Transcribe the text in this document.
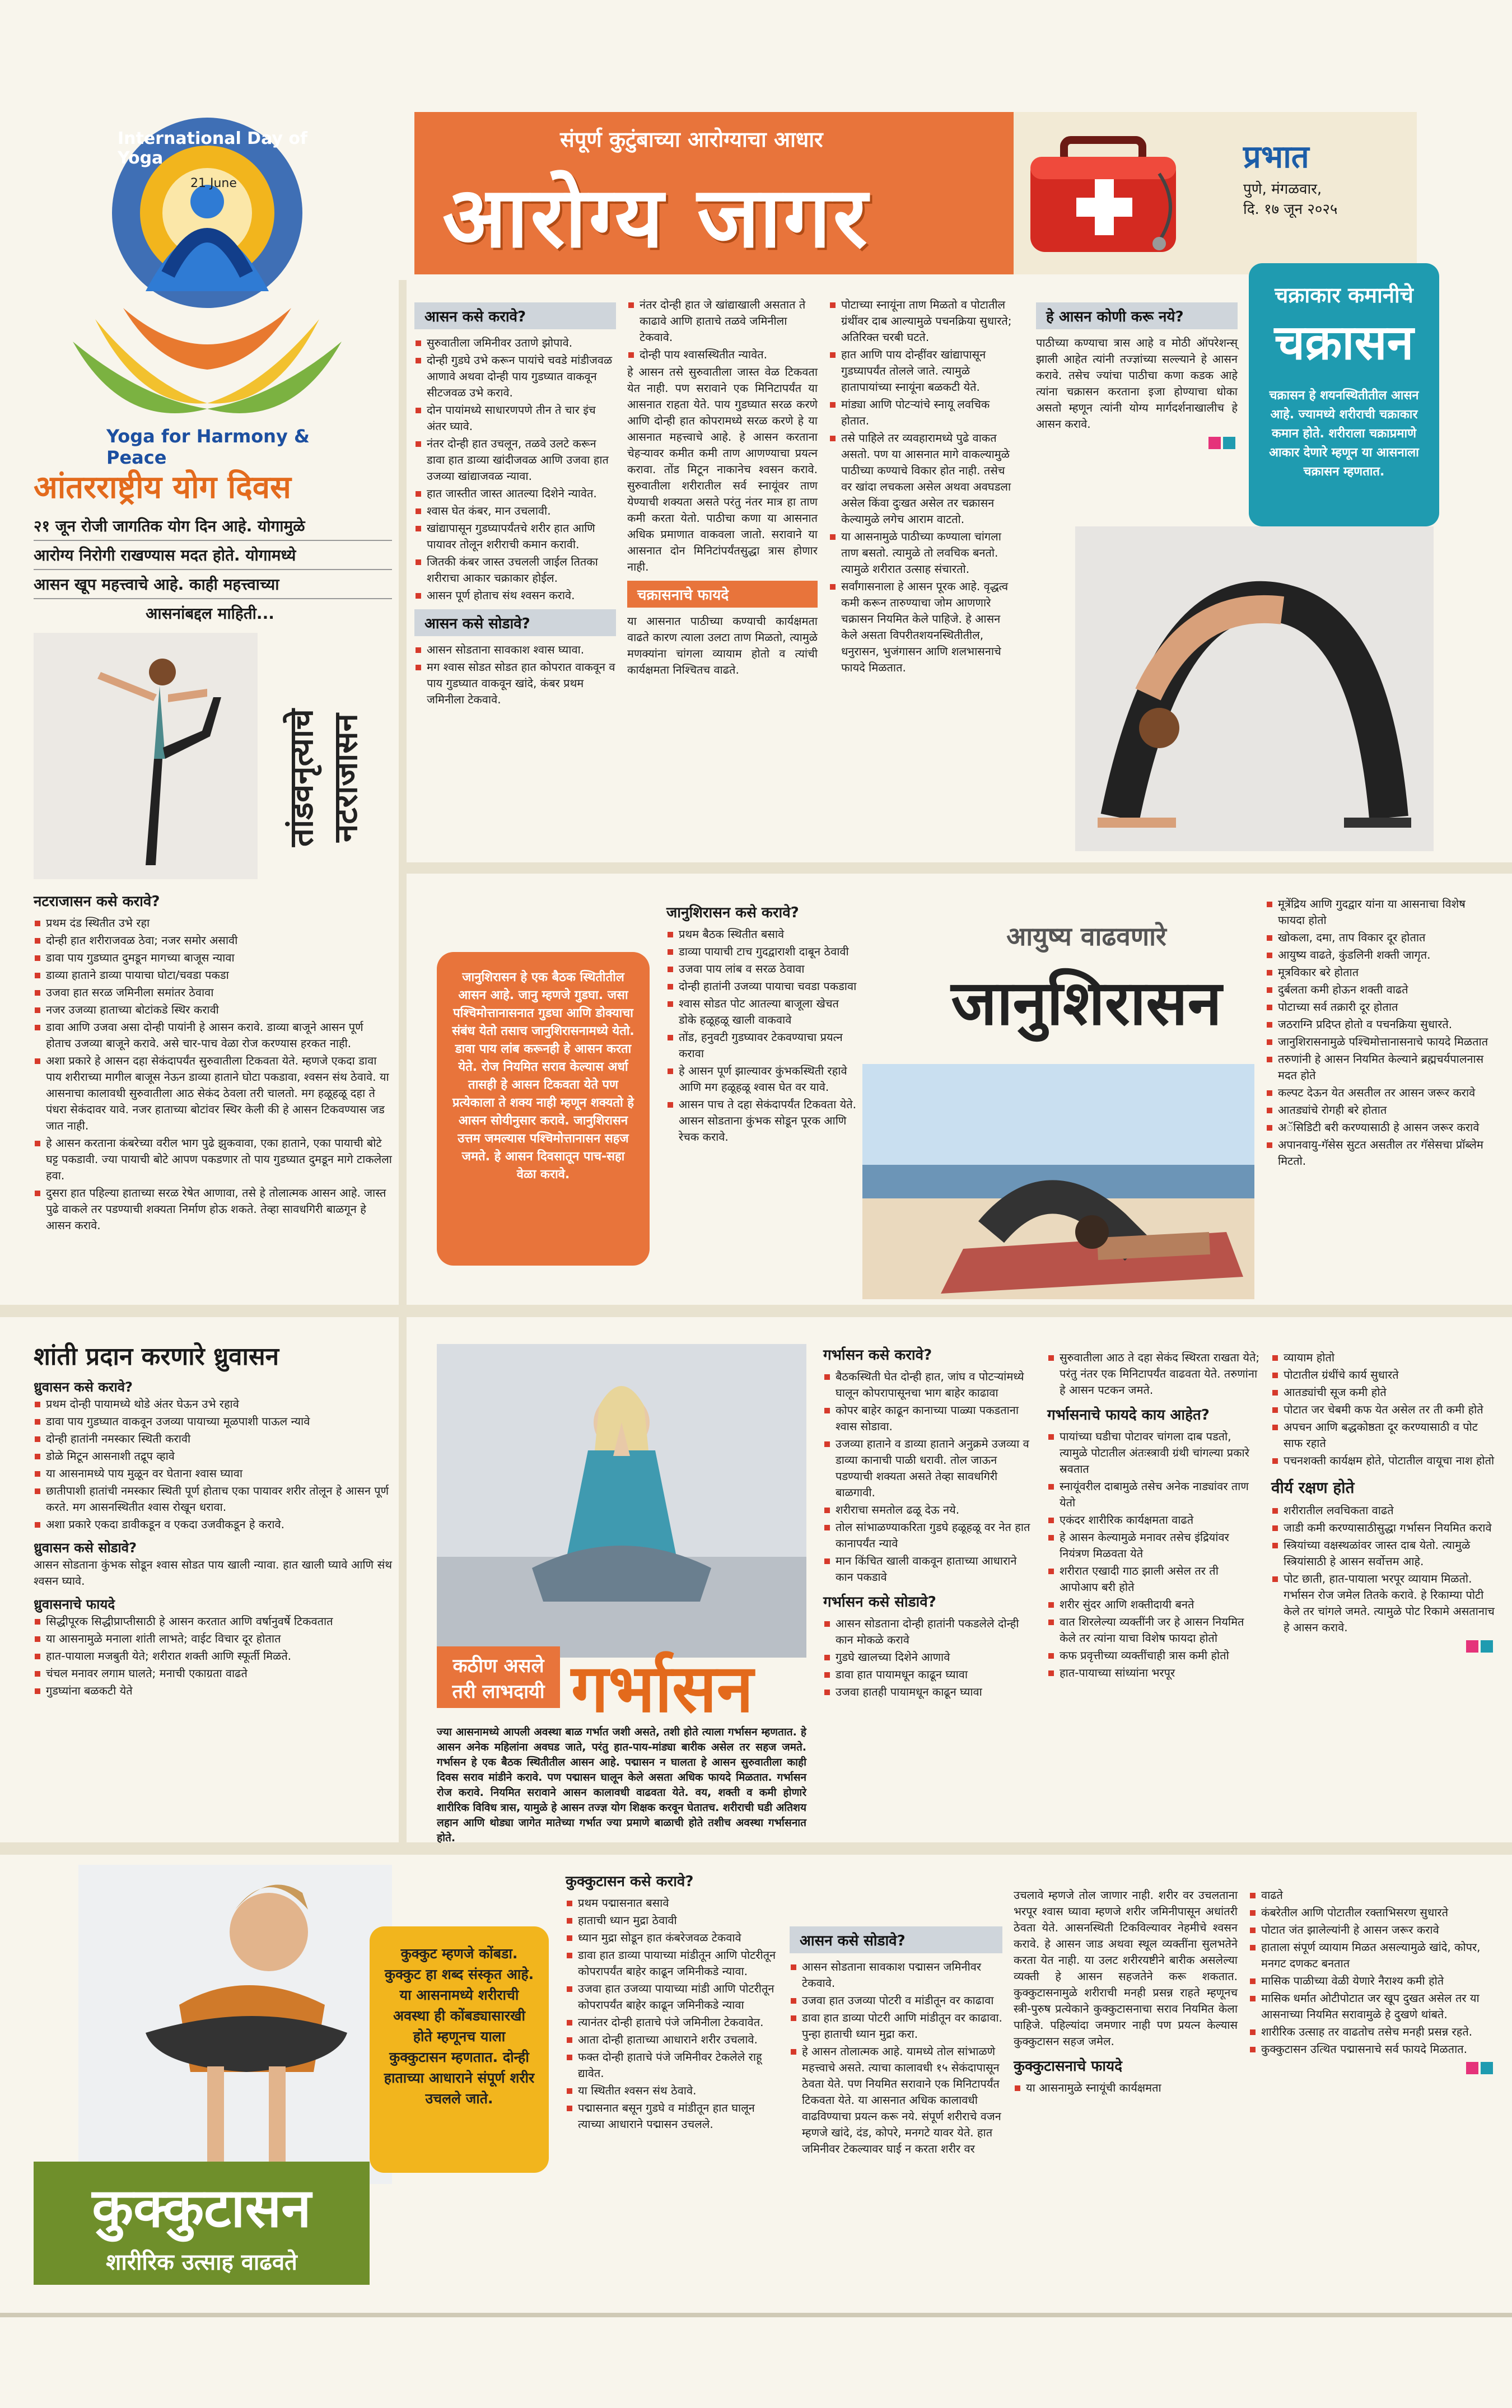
संपूर्ण कुटुंबाच्या आरोग्याचा आधार
आरोग्य जागर
प्रभात
पुणे, मंगळवार,
दि. १७ जून २०२५
International Day of Yoga
21 June
Yoga for Harmony & Peace
आंतरराष्ट्रीय योग दिवस
२१ जून रोजी जागतिक योग दिन आहे. योगामुळे
आरोग्य निरोगी राखण्यास मदत होते. योगामध्ये
आसन खूप महत्त्वाचे आहे. काही महत्त्वाच्या
आसनांबद्दल माहिती...
तांडवनृत्याचे नटराजासन
नटराजासन कसे करावे?
प्रथम दंड स्थितीत उभे रहा
दोन्ही हात शरीराजवळ ठेवा; नजर समोर असावी
डावा पाय गुडघ्यात दुमडून मागच्या बाजूस न्यावा
डाव्या हाताने डाव्या पायाचा घोटा/चवडा पकडा
उजवा हात सरळ जमिनीला समांतर ठेवावा
नजर उजव्या हाताच्या बोटांकडे स्थिर करावी
डावा आणि उजवा असा दोन्ही पायांनी हे आसन करावे. डाव्या बाजूने आसन पूर्ण होताच उजव्या बाजूने करावे. असे चार-पाच वेळा रोज करण्यास हरकत नाही.
अशा प्रकारे हे आसन दहा सेकंदापर्यंत सुरुवातीला टिकवता येते. म्हणजे एकदा डावा पाय शरीराच्या मागील बाजूस नेऊन डाव्या हाताने घोटा पकडावा, श्वसन संथ ठेवावे. या आसनाचा कालावधी सुरुवातीला आठ सेकंद ठेवला तरी चालतो. मग हळूहळू दहा ते पंधरा सेकंदावर यावे. नजर हाताच्या बोटांवर स्थिर केली की हे आसन टिकवण्यास जड जात नाही.
हे आसन करताना कंबरेच्या वरील भाग पुढे झुकवावा, एका हाताने, एका पायाची बोटे घट्ट पकडावी. ज्या पायाची बोटे आपण पकडणार तो पाय गुडघ्यात दुमडून मागे टाकलेला हवा.
दुसरा हात पहिल्या हाताच्या सरळ रेषेत आणावा, तसे हे तोलात्मक आसन आहे. जास्त पुढे वाकले तर पडण्याची शक्यता निर्माण होऊ शकते. तेव्हा सावधगिरी बाळगून हे आसन करावे.
आसन कसे करावे?
सुरुवातीला जमिनीवर उताणे झोपावे.
दोन्ही गुडघे उभे करून पायांचे चवडे मांडीजवळ आणावे अथवा दोन्ही पाय गुडघ्यात वाकवून सीटजवळ उभे करावे.
दोन पायांमध्ये साधारणपणे तीन ते चार इंच अंतर घ्यावे.
नंतर दोन्ही हात उचलून, तळवे उलटे करून डावा हात डाव्या खांदीजवळ आणि उजवा हात उजव्या खांद्याजवळ न्यावा.
हात जास्तीत जास्त आतल्या दिशेने न्यावेत.
श्वास घेत कंबर, मान उचलावी.
खांद्यापासून गुडघ्यापर्यंतचे शरीर हात आणि पायावर तोलून शरीराची कमान करावी.
जितकी कंबर जास्त उचलली जाईल तितका शरीराचा आकार चक्राकार होईल.
आसन पूर्ण होताच संथ श्वसन करावे.
आसन कसे सोडावे?
आसन सोडताना सावकाश श्वास घ्यावा.
मग श्वास सोडत सोडत हात कोपरात वाकवून व पाय गुडघ्यात वाकवून खांदे, कंबर प्रथम जमिनीला टेकवावे.
नंतर दोन्ही हात जे खांद्याखाली असतात ते काढावे आणि हाताचे तळवे जमिनीला टेकवावे.
दोन्ही पाय श्वासस्थितीत न्यावेत.
हे आसन तसे सुरुवातीला जास्त वेळ टिकवता येत नाही. पण सरावाने एक मिनिटापर्यंत या आसनात राहता येते. पाय गुडघ्यात सरळ करणे आणि दोन्ही हात कोपरामध्ये सरळ करणे हे या आसनात महत्त्वाचे आहे. हे आसन करताना चेहऱ्यावर कमीत कमी ताण आणण्याचा प्रयत्न करावा. तोंड मिटून नाकानेच श्वसन करावे. सुरुवातीला शरीरातील सर्व स्नायूंवर ताण येण्याची शक्यता असते परंतु नंतर मात्र हा ताण कमी करता येतो. पाठीचा कणा या आसनात अधिक प्रमाणात वाकवला जातो. सरावाने या आसनात दोन मिनिटांपर्यंतसुद्धा त्रास होणार नाही.
चक्रासनाचे फायदे
या आसनात पाठीच्या कण्याची कार्यक्षमता वाढते कारण त्याला उलटा ताण मिळतो, त्यामुळे मणक्यांना चांगला व्यायाम होतो व त्यांची कार्यक्षमता निश्चितच वाढते.
पोटाच्या स्नायूंना ताण मिळतो व पोटातील ग्रंथींवर दाब आल्यामुळे पचनक्रिया सुधारते; अतिरिक्त चरबी घटते.
हात आणि पाय दोन्हींवर खांद्यापासून गुडघ्यापर्यंत तोलले जाते. त्यामुळे हातापायांच्या स्नायूंना बळकटी येते.
मांड्या आणि पोटऱ्यांचे स्नायू लवचिक होतात.
तसे पाहिले तर व्यवहारामध्ये पुढे वाकत असतो. पण या आसनात मागे वाकल्यामुळे पाठीच्या कण्याचे विकार होत नाही. तसेच वर खांदा लचकला असेल अथवा अवघडला असेल किंवा दुःखत असेल तर चक्रासन केल्यामुळे लगेच आराम वाटतो.
या आसनामुळे पाठीच्या कण्याला चांगला ताण बसतो. त्यामुळे तो लवचिक बनतो. त्यामुळे शरीरात उत्साह संचारतो.
सर्वांगासनाला हे आसन पूरक आहे. वृद्धत्व कमी करून तारुण्याचा जोम आणणारे चक्रासन नियमित केले पाहिजे. हे आसन केले असता विपरीतशयनस्थितीतील, धनुरासन, भुजंगासन आणि शलभासनाचे फायदे मिळतात.
हे आसन कोणी करू नये?
पाठीच्या कण्याचा त्रास आहे व मोठी ऑपरेशन्स् झाली आहेत त्यांनी तज्ज्ञांच्या सल्ल्याने हे आसन करावे. तसेच ज्यांचा पाठीचा कणा कडक आहे त्यांना चक्रासन करताना इजा होण्याचा धोका असतो म्हणून त्यांनी योग्य मार्गदर्शनाखालीच हे आसन करावे.
चक्राकार कमानीचे
चक्रासन
चक्रासन हे शयनस्थितीतील आसन आहे. ज्यामध्ये शरीराची चक्राकार कमान होते. शरीराला चक्राप्रमाणे आकार देणारे म्हणून या आसनाला चक्रासन म्हणतात.
जानुशिरासन हे एक बैठक स्थितीतील आसन आहे. जानु म्हणजे गुडघा. जसा पश्चिमोत्तानासनात गुडघा आणि डोक्याचा संबंध येतो तसाच जानुशिरासनामध्ये येतो. डावा पाय लांब करूनही हे आसन करता येते. रोज नियमित सराव केल्यास अर्धा तासही हे आसन टिकवता येते पण प्रत्येकाला ते शक्य नाही म्हणून शक्यतो हे आसन सोयीनुसार करावे. जानुशिरासन उत्तम जमल्यास पश्चिमोत्तानासन सहज जमते. हे आसन दिवसातून पाच-सहा वेळा करावे.
जानुशिरासन कसे करावे?
प्रथम बैठक स्थितीत बसावे
डाव्या पायाची टाच गुदद्वाराशी दाबून ठेवावी
उजवा पाय लांब व सरळ ठेवावा
दोन्ही हातांनी उजव्या पायाचा चवडा पकडावा
श्वास सोडत पोट आतल्या बाजूला खेचत डोके हळूहळू खाली वाकवावे
तोंड, हनुवटी गुडघ्यावर टेकवण्याचा प्रयत्न करावा
हे आसन पूर्ण झाल्यावर कुंभकस्थिती रहावे आणि मग हळूहळू श्वास घेत वर यावे.
आसन पाच ते दहा सेकंदापर्यंत टिकवता येते. आसन सोडताना कुंभक सोडून पूरक आणि रेचक करावे.
आयुष्य वाढवणारे
जानुशिरासन
मूत्रेंद्रिय आणि गुदद्वार यांना या आसनाचा विशेष फायदा होतो
खोकला, दमा, ताप विकार दूर होतात
आयुष्य वाढते, कुंडलिनी शक्ती जागृत.
मूत्रविकार बरे होतात
दुर्बलता कमी होऊन शक्ती वाढते
पोटाच्या सर्व तक्रारी दूर होतात
जठराग्नि प्रदिप्त होतो व पचनक्रिया सुधारते.
जानुशिरासनामुळे पश्चिमोत्तानासनाचे फायदे मिळतात
तरुणांनी हे आसन नियमित केल्याने ब्रह्मचर्यपालनास मदत होते
कल्पट देऊन येत असतील तर आसन जरूर करावे
आतड्यांचे रोगही बरे होतात
अॅसिडिटी बरी करण्यासाठी हे आसन जरूर करावे
अपानवायु-गॅसेस सुटत असतील तर गॅसेसचा प्रॉब्लेम मिटतो.
शांती प्रदान करणारे ध्रुवासन
ध्रुवासन कसे करावे?
प्रथम दोन्ही पायामध्ये थोडे अंतर घेऊन उभे रहावे
डावा पाय गुडघ्यात वाकवून उजव्या पायाच्या मूळपाशी पाऊल न्यावे
दोन्ही हातांनी नमस्कार स्थिती करावी
डोळे मिटून आसनाशी तद्रूप व्हावे
या आसनामध्ये पाय मुळून वर घेताना श्वास घ्यावा
छातीपाशी हातांची नमस्कार स्थिती पूर्ण होताच एका पायावर शरीर तोलून हे आसन पूर्ण करते. मग आसनस्थितीत श्वास रोखून धरावा.
अशा प्रकारे एकदा डावीकडून व एकदा उजवीकडून हे करावे.
ध्रुवासन कसे सोडावे?
आसन सोडताना कुंभक सोडून श्वास सोडत पाय खाली न्यावा. हात खाली घ्यावे आणि संथ श्वसन घ्यावे.
ध्रुवासनाचे फायदे
सिद्धीपूरक सिद्धीप्राप्तीसाठी हे आसन करतात आणि वर्षानुवर्षे टिकवतात
या आसनामुळे मनाला शांती लाभते; वाईट विचार दूर होतात
हात-पायाला मजबुती येते; शरीरात शक्ती आणि स्फूर्ती मिळते.
चंचल मनावर लगाम घालते; मनाची एकाग्रता वाढते
गुडघ्यांना बळकटी येते
कठीण असले
तरी लाभदायी गर्भासन
ज्या आसनामध्ये आपली अवस्था बाळ गर्भात जशी असते, तशी होते त्याला गर्भासन म्हणतात. हे आसन अनेक महिलांना अवघड जाते, परंतु हात-पाय-मांड्या बारीक असेल तर सहज जमते. गर्भासन हे एक बैठक स्थितीतील आसन आहे. पद्मासन न घालता हे आसन सुरुवातीला काही दिवस सराव मांडीने करावे. पण पद्मासन घालून केले असता अधिक फायदे मिळतात. गर्भासन रोज करावे. नियमित सरावाने आसन कालावधी वाढवता येते. वय, शक्ती व कमी होणारे शारीरिक विविध त्रास, यामुळे हे आसन तज्ज्ञ योग शिक्षक करवून घेतातच. शरीराची घडी अतिशय लहान आणि थोड्या जागेत मातेच्या गर्भात ज्या प्रमाणे बाळाची होते तशीच अवस्था गर्भासनात होते.
गर्भासन कसे करावे?
बैठकस्थिती घेत दोन्ही हात, जांघ व पोटऱ्यांमध्ये घालून कोपरापासूनचा भाग बाहेर काढावा
कोपर बाहेर काढून कानाच्या पाळ्या पकडताना श्वास सोडावा.
उजव्या हाताने व डाव्या हाताने अनुक्रमे उजव्या व डाव्या कानाची पाळी धरावी. तोल जाऊन पडण्याची शक्यता असते तेव्हा सावधगिरी बाळगावी.
शरीराचा समतोल ढळू देऊ नये.
तोल सांभाळण्याकरिता गुडघे हळूहळू वर नेत हात कानापर्यंत न्यावे
मान किंचित खाली वाकवून हाताच्या आधाराने कान पकडावे
गर्भासन कसे सोडावे?
आसन सोडताना दोन्ही हातांनी पकडलेले दोन्ही कान मोकळे करावे
गुडघे खालच्या दिशेने आणावे
डावा हात पायामधून काढून घ्यावा
उजवा हातही पायामधून काढून घ्यावा
सुरुवातीला आठ ते दहा सेकंद स्थिरता राखता येते; परंतु नंतर एक मिनिटापर्यंत वाढवता येते. तरुणांना हे आसन पटकन जमते.
गर्भासनाचे फायदे काय आहेत?
पायांच्या घडीचा पोटावर चांगला दाब पडतो, त्यामुळे पोटातील अंतःस्त्रावी ग्रंथी चांगल्या प्रकारे स्रवतात
स्नायूंवरील दाबामुळे तसेच अनेक नाड्यांवर ताण येतो
एकंदर शारीरिक कार्यक्षमता वाढते
हे आसन केल्यामुळे मनावर तसेच इंद्रियांवर नियंत्रण मिळवता येते
शरीरात एखादी गाठ झाली असेल तर ती आपोआप बरी होते
शरीर सुंदर आणि शक्तीदायी बनते
वात शिरलेल्या व्यक्तींनी जर हे आसन नियमित केले तर त्यांना याचा विशेष फायदा होतो
कफ प्रवृत्तीच्या व्यक्तींचाही त्रास कमी होतो
हात-पायाच्या सांध्यांना भरपूर
व्यायाम होतो
पोटातील ग्रंथींचे कार्य सुधारते
आतड्यांची सूज कमी होते
पोटात जर चेबमी कफ येत असेल तर ती कमी होते
अपचन आणि बद्धकोष्ठता दूर करण्यासाठी व पोट साफ रहाते
पचनशक्ती कार्यक्षम होते, पोटातील वायूचा नाश होतो
वीर्य रक्षण होते
शरीरातील लवचिकता वाढते
जाडी कमी करण्यासाठीसुद्धा गर्भासन नियमित करावे
स्त्रियांच्या वक्षस्थळांवर जास्त दाब येतो. त्यामुळे स्त्रियांसाठी हे आसन सर्वोत्तम आहे.
पोट छाती, हात-पायाला भरपूर व्यायाम मिळतो. गर्भासन रोज जमेल तितके करावे. हे रिकाम्या पोटी केले तर चांगले जमते. त्यामुळे पोट रिकामे असतानाच हे आसन करावे.
कुक्कुट म्हणजे कोंबडा. कुक्कुट हा शब्द संस्कृत आहे. या आसनामध्ये शरीराची अवस्था ही कोंबड्यासारखी होते म्हणूनच याला कुक्कुटासन म्हणतात. दोन्ही हाताच्या आधाराने संपूर्ण शरीर उचलले जाते.
कुक्कुटासन
शारीरिक उत्साह वाढवते
कुक्कुटासन कसे करावे?
प्रथम पद्मासनात बसावे
हाताची ध्यान मुद्रा ठेवावी
ध्यान मुद्रा सोडून हात कंबरेजवळ टेकवावे
डावा हात डाव्या पायाच्या मांडीतून आणि पोटरीतून कोपरापर्यंत बाहेर काढून जमिनीकडे न्यावा.
उजवा हात उजव्या पायाच्या मांडी आणि पोटरीतून कोपरापर्यंत बाहेर काढून जमिनीकडे न्यावा
त्यानंतर दोन्ही हाताचे पंजे जमिनीला टेकवावेत.
आता दोन्ही हाताच्या आधाराने शरीर उचलावे.
फक्त दोन्ही हाताचे पंजे जमिनीवर टेकलेले राहू द्यावेत.
या स्थितीत श्वसन संथ ठेवावे.
पद्मासनात बसून गुडघे व मांडीतून हात घालून त्याच्या आधाराने पद्मासन उचलले.
आसन कसे सोडावे?
आसन सोडताना सावकाश पद्मासन जमिनीवर टेकवावे.
उजवा हात उजव्या पोटरी व मांडीतून वर काढावा
डावा हात डाव्या पोटरी आणि मांडीतून वर काढावा. पुन्हा हाताची ध्यान मुद्रा करा.
हे आसन तोलात्मक आहे. यामध्ये तोल सांभाळणे महत्त्वाचे असते. त्याचा कालावधी १५ सेकंदापासून ठेवता येते. पण नियमित सरावाने एक मिनिटापर्यंत टिकवता येते. या आसनात अधिक कालावधी वाढविण्याचा प्रयत्न करू नये. संपूर्ण शरीराचे वजन म्हणजे खांदे, दंड, कोपरे, मनगटे यावर येते. हात जमिनीवर टेकल्यावर घाई न करता शरीर वर
उचलावे म्हणजे तोल जाणार नाही. शरीर वर उचलताना भरपूर श्वास घ्यावा म्हणजे शरीर जमिनीपासून अधांतरी ठेवता येते. आसनस्थिती टिकविल्यावर नेहमीचे श्वसन करावे. हे आसन जाड अथवा स्थूल व्यक्तींना सुलभतेने करता येत नाही. या उलट शरीरयष्टीने बारीक असलेल्या व्यक्ती हे आसन सहजतेने करू शकतात. कुक्कुटासनामुळे शरीराची मनही प्रसन्न राहते म्हणूनच स्त्री-पुरुष प्रत्येकाने कुक्कुटासनाचा सराव नियमित केला पाहिजे. पहिल्यांदा जमणार नाही पण प्रयत्न केल्यास कुक्कुटासन सहज जमेल.
कुक्कुटासनाचे फायदे
या आसनामुळे स्नायूंची कार्यक्षमता
वाढते
कंबरेतील आणि पोटातील रक्ताभिसरण सुधारते
पोटात जंत झालेल्यांनी हे आसन जरूर करावे
हाताला संपूर्ण व्यायाम मिळत असल्यामुळे खांदे, कोपर, मनगट दणकट बनतात
मासिक पाळीच्या वेळी येणारे नैराश्य कमी होते
मासिक धर्मात ओटीपोटात जर खूप दुखत असेल तर या आसनाच्या नियमित सरावामुळे हे दुखणे थांबते.
शारीरिक उत्साह तर वाढतोच तसेच मनही प्रसन्न रहते.
कुक्कुटासन उत्थित पद्मासनाचे सर्व फायदे मिळतात.
